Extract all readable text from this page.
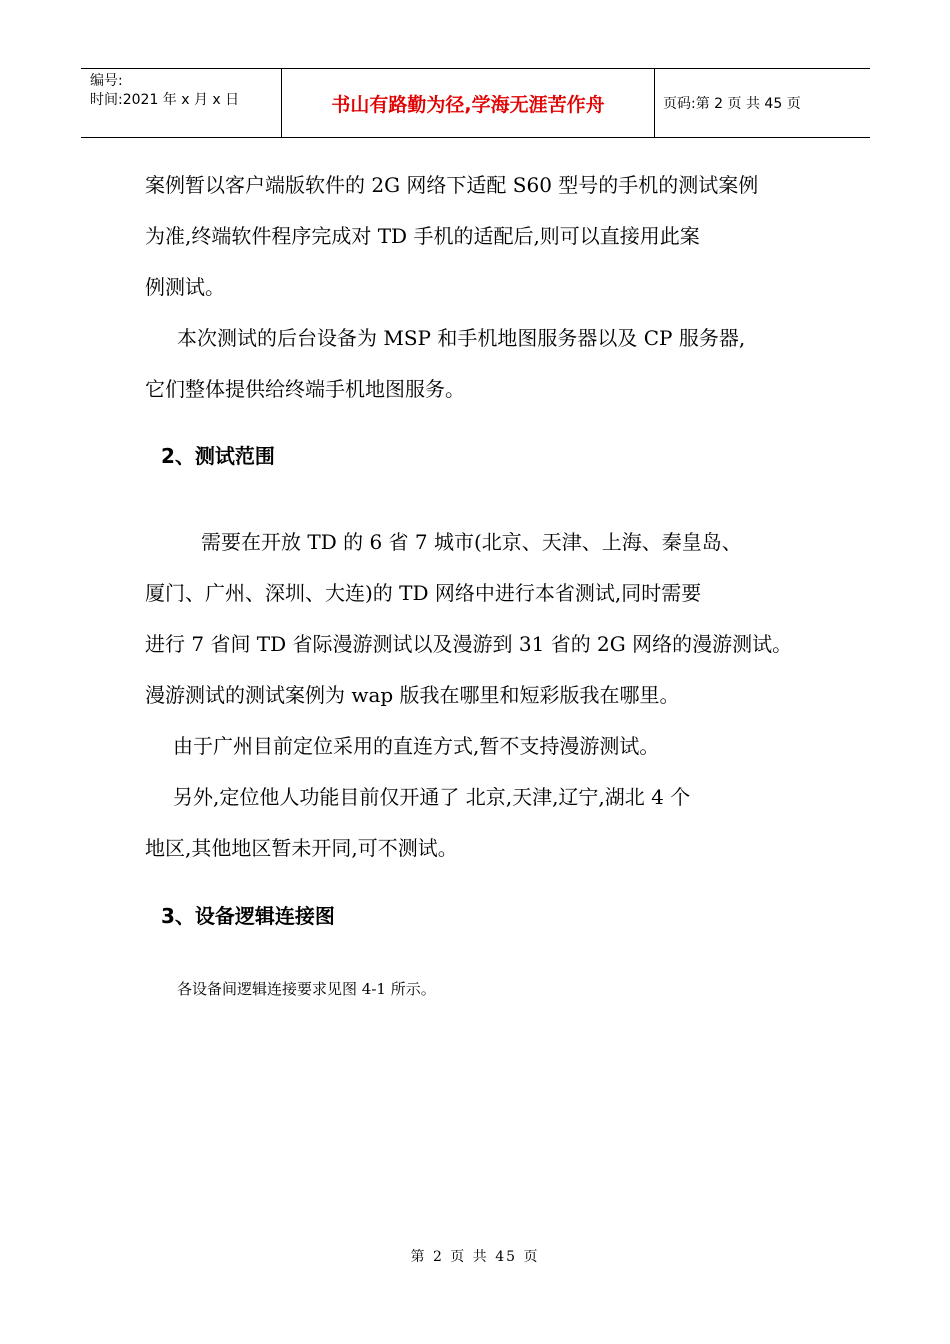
编号:
时间:2021 年 x 月 x 日	书山有路勤为径,学海无涯苦作舟	页码:第 2 页 共 45 页

案例暂以客户端版软件的 2G 网络下适配 S60 型号的手机的测试案例

为准,终端软件程序完成对 TD 手机的适配后,则可以直接用此案

例测试。

本次测试的后台设备为 MSP 和手机地图服务器以及 CP 服务器,

它们整体提供给终端手机地图服务。

2、测试范围

需要在开放 TD 的 6 省 7 城市(北京、天津、上海、秦皇岛、

厦门、广州、深圳、大连)的 TD 网络中进行本省测试,同时需要

进行 7 省间 TD 省际漫游测试以及漫游到 31 省的 2G 网络的漫游测试。

漫游测试的测试案例为 wap 版我在哪里和短彩版我在哪里。

由于广州目前定位采用的直连方式,暂不支持漫游测试。

另外,定位他人功能目前仅开通了 北京,天津,辽宁,湖北 4 个

地区,其他地区暂未开同,可不测试。

3、设备逻辑连接图
各设备间逻辑连接要求见图 4-1 所示。
第 2 页 共 45 页
